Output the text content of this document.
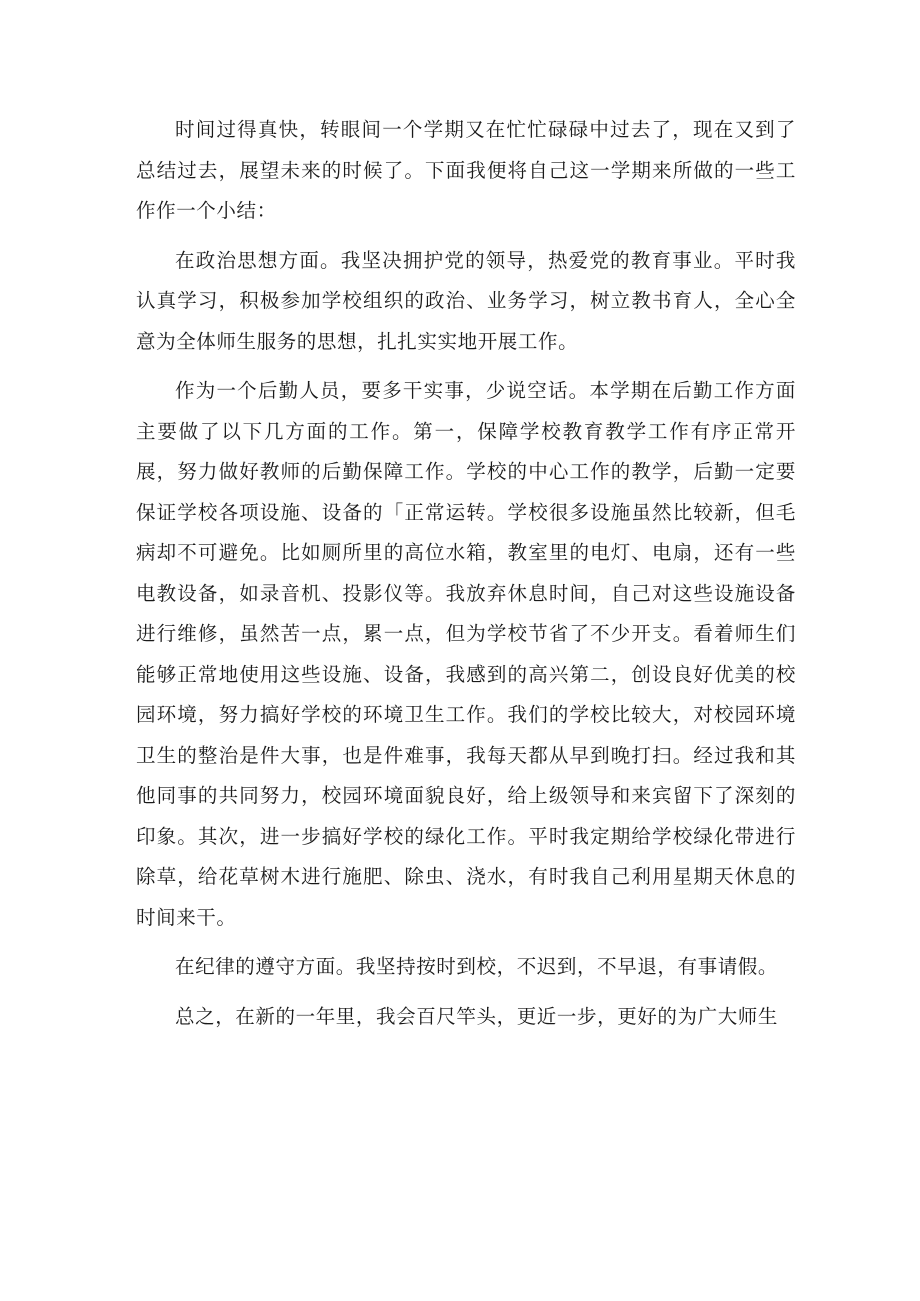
时间过得真快，转眼间一个学期又在忙忙碌碌中过去了，现在又到了总结过去，展望未来的时候了。下面我便将自己这一学期来所做的一些工作作一个小结：

在政治思想方面。我坚决拥护党的领导，热爱党的教育事业。平时我认真学习，积极参加学校组织的政治、业务学习，树立教书育人，全心全意为全体师生服务的思想，扎扎实实地开展工作。

作为一个后勤人员，要多干实事，少说空话。本学期在后勤工作方面主要做了以下几方面的工作。第一，保障学校教育教学工作有序正常开展，努力做好教师的后勤保障工作。学校的中心工作的教学，后勤一定要保证学校各项设施、设备的「正常运转。学校很多设施虽然比较新，但毛病却不可避免。比如厕所里的高位水箱，教室里的电灯、电扇，还有一些电教设备，如录音机、投影仪等。我放弃休息时间，自己对这些设施设备进行维修，虽然苦一点，累一点，但为学校节省了不少开支。看着师生们能够正常地使用这些设施、设备，我感到的高兴第二，创设良好优美的校园环境，努力搞好学校的环境卫生工作。我们的学校比较大，对校园环境卫生的整治是件大事，也是件难事，我每天都从早到晚打扫。经过我和其他同事的共同努力，校园环境面貌良好，给上级领导和来宾留下了深刻的印象。其次，进一步搞好学校的绿化工作。平时我定期给学校绿化带进行除草，给花草树木进行施肥、除虫、浇水，有时我自己利用星期天休息的时间来干。

在纪律的遵守方面。我坚持按时到校，不迟到，不早退，有事请假。

总之，在新的一年里，我会百尺竿头，更近一步，更好的为广大师生
